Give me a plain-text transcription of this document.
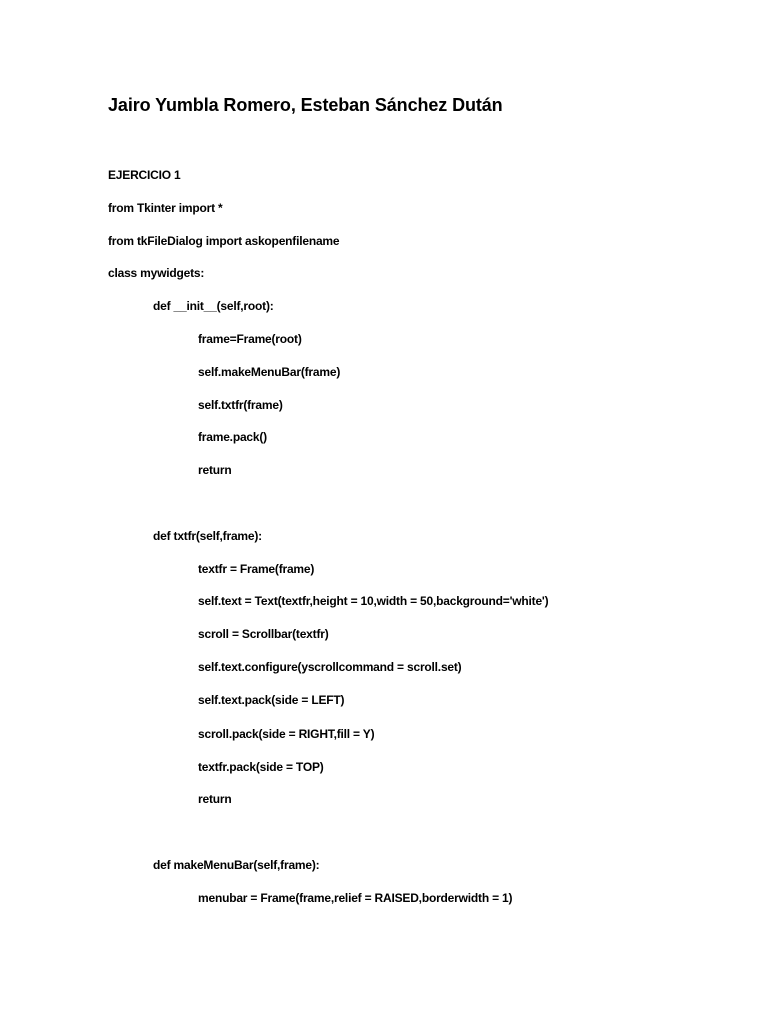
Jairo Yumbla Romero, Esteban Sánchez Dután

EJERCICIO 1

from Tkinter import *

from tkFileDialog import askopenfilename

class mywidgets:

def __init__(self,root):

frame=Frame(root)

self.makeMenuBar(frame)

self.txtfr(frame)

frame.pack()

return

def txtfr(self,frame):

textfr = Frame(frame)

self.text = Text(textfr,height = 10,width = 50,background='white')

scroll = Scrollbar(textfr)

self.text.configure(yscrollcommand = scroll.set)

self.text.pack(side = LEFT)

scroll.pack(side = RIGHT,fill = Y)

textfr.pack(side = TOP)

return

def makeMenuBar(self,frame):

menubar = Frame(frame,relief = RAISED,borderwidth = 1)
